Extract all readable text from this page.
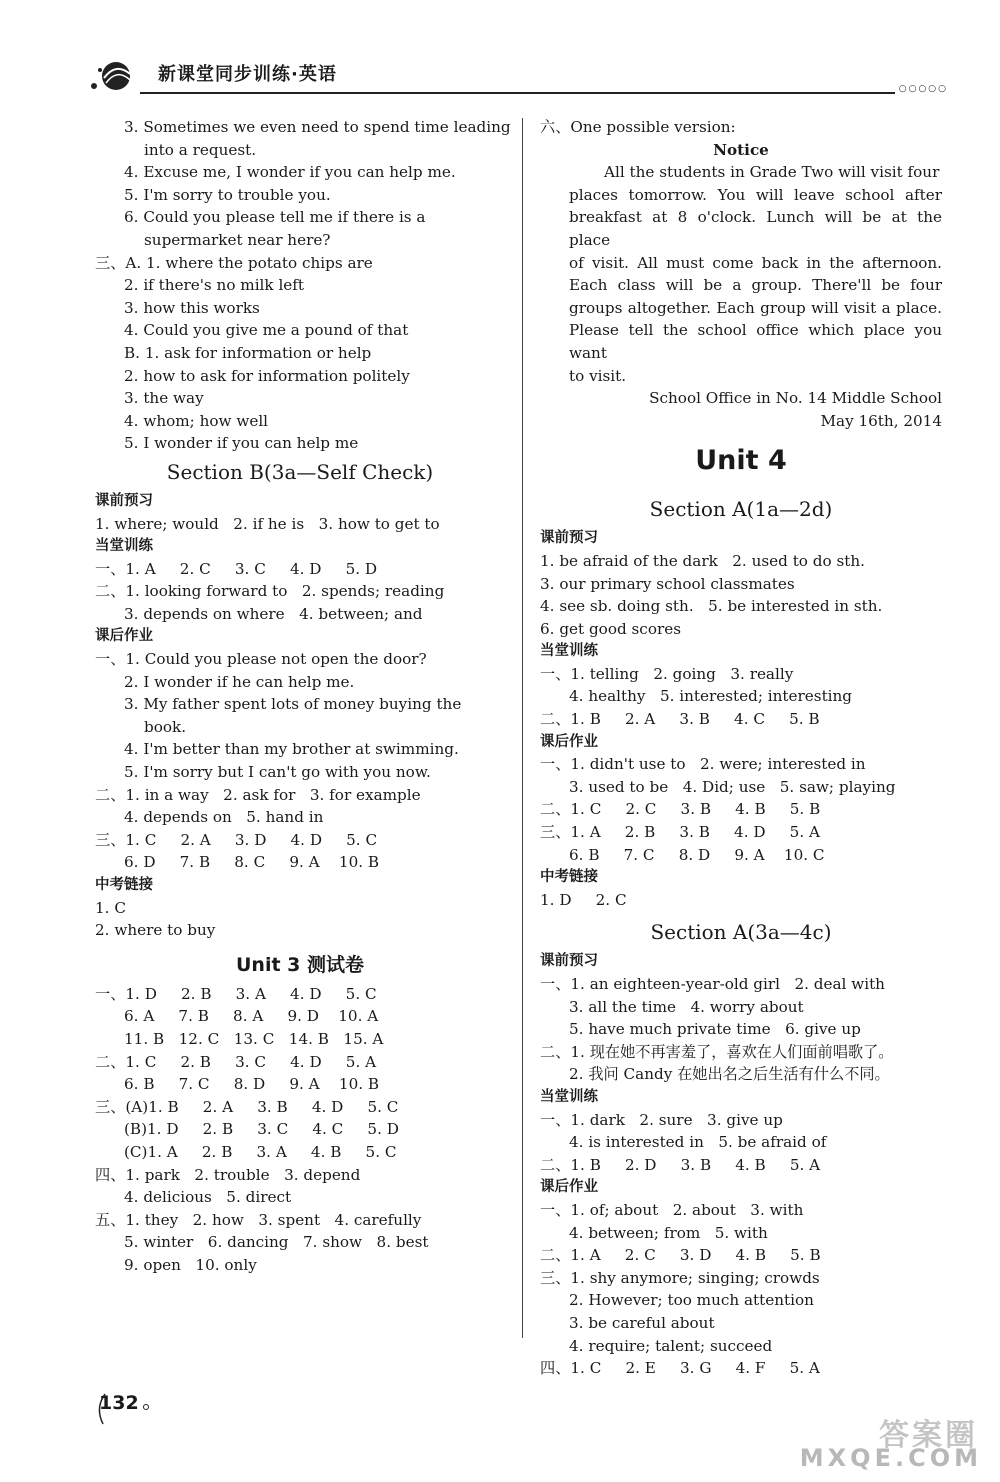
新课堂同步训练·英语
○○○○○
3. Sometimes we even need to spend time leading
into a request.
4. Excuse me, I wonder if you can help me.
5. I'm sorry to trouble you.
6. Could you please tell me if there is a
supermarket near here?
三、A. 1. where the potato chips are
2. if there's no milk left
3. how this works
4. Could you give me a pound of that
B. 1. ask for information or help
2. how to ask for information politely
3. the way
4. whom; how well
5. I wonder if you can help me
Section B(3a—Self Check)
课前预习
1. where; would   2. if he is   3. how to get to
当堂训练
一、1. A     2. C     3. C     4. D     5. D
二、1. looking forward to   2. spends; reading
3. depends on where   4. between; and
课后作业
一、1. Could you please not open the door?
2. I wonder if he can help me.
3. My father spent lots of money buying the
book.
4. I'm better than my brother at swimming.
5. I'm sorry but I can't go with you now.
二、1. in a way   2. ask for   3. for example
4. depends on   5. hand in
三、1. C     2. A     3. D     4. D     5. C
6. D     7. B     8. C     9. A    10. B
中考链接
1. C
2. where to buy
Unit 3 测试卷
一、1. D     2. B     3. A     4. D     5. C
6. A     7. B     8. A     9. D    10. A
11. B   12. C   13. C   14. B   15. A
二、1. C     2. B     3. C     4. D     5. A
6. B     7. C     8. D     9. A    10. B
三、(A)1. B     2. A     3. B     4. D     5. C
(B)1. D     2. B     3. C     4. C     5. D
(C)1. A     2. B     3. A     4. B     5. C
四、1. park   2. trouble   3. depend
4. delicious   5. direct
五、1. they   2. how   3. spent   4. carefully
5. winter   6. dancing   7. show   8. best
9. open   10. only
六、One possible version:
Notice
All the students in Grade Two will visit four
places tomorrow. You will leave school after
breakfast at 8 o'clock. Lunch will be at the place
of visit. All must come back in the afternoon.
Each class will be a group. There'll be four
groups altogether. Each group will visit a place.
Please tell the school office which place you want
to visit.
School Office in No. 14 Middle School
May 16th, 2014
Unit 4
Section A(1a—2d)
课前预习
1. be afraid of the dark   2. used to do sth.
3. our primary school classmates
4. see sb. doing sth.   5. be interested in sth.
6. get good scores
当堂训练
一、1. telling   2. going   3. really
4. healthy   5. interested; interesting
二、1. B     2. A     3. B     4. C     5. B
课后作业
一、1. didn't use to   2. were; interested in
3. used to be   4. Did; use   5. saw; playing
二、1. C     2. C     3. B     4. B     5. B
三、1. A     2. B     3. B     4. D     5. A
6. B     7. C     8. D     9. A    10. C
中考链接
1. D     2. C
Section A(3a—4c)
课前预习
一、1. an eighteen-year-old girl   2. deal with
3. all the time   4. worry about
5. have much private time   6. give up
二、1. 现在她不再害羞了，喜欢在人们面前唱歌了。
2. 我问 Candy 在她出名之后生活有什么不同。
当堂训练
一、1. dark   2. sure   3. give up
4. is interested in   5. be afraid of
二、1. B     2. D     3. B     4. B     5. A
课后作业
一、1. of; about   2. about   3. with
4. between; from   5. with
二、1. A     2. C     3. D     4. B     5. B
三、1. shy anymore; singing; crowds
2. However; too much attention
3. be careful about
4. require; talent; succeed
四、1. C     2. E     3. G     4. F     5. A
132
答案圈
MXQE.COM
